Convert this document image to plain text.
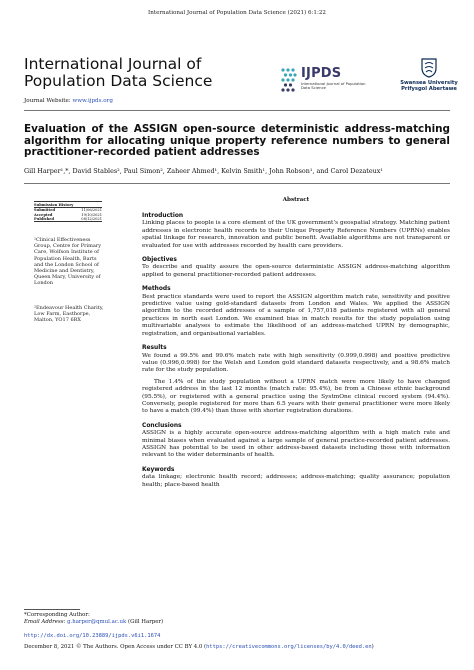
International Journal of Population Data Science (2021) 6:1:22
International Journal of
Population Data Science
Journal Website: www.ijpds.org
IJPDS
International Journal of Population Data Science
Swansea University
Prifysgol Abertawe
Evaluation of the ASSIGN open-source deterministic address-matching algorithm for allocating unique property reference numbers to general practitioner-recorded patient addresses
Gill Harper¹,*, David Stables², Paul Simon², Zaheer Ahmed¹, Kelvin Smith¹, John Robson¹, and Carol Dezateux¹
Submission History
Submitted	11/06/2021
Accepted	19/10/2021
Published	08/12/2021
¹Clinical Effectiveness Group, Centre for Primary Care, Wolfson Institute of Population Health, Barts and the London School of Medicine and Dentistry, Queen Mary, University of London
²Endeavour Health Charity, Low Farm, Easthorpe, Malton, YO17 6RX
Abstract
Introduction

Linking places to people is a core element of the UK government’s geospatial strategy. Matching patient addresses in electronic health records to their Unique Property Reference Numbers (UPRNs) enables spatial linkage for research, innovation and public benefit. Available algorithms are not transparent or evaluated for use with addresses recorded by health care providers.

Objectives

To describe and quality assure the open-source deterministic ASSIGN address-matching algorithm applied to general practitioner-recorded patient addresses.

Methods

Best practice standards were used to report the ASSIGN algorithm match rate, sensitivity and positive predictive value using gold-standard datasets from London and Wales. We applied the ASSIGN algorithm to the recorded addresses of a sample of 1,757,018 patients registered with all general practices in north east London. We examined bias in match results for the study population using multivariable analyses to estimate the likelihood of an address-matched UPRN by demographic, registration, and organisational variables.

Results

We found a 99.5% and 99.6% match rate with high sensitivity (0.999,0.998) and positive predictive value (0.996,0.998) for the Welsh and London gold standard datasets respectively, and a 98.6% match rate for the study population.

The 1.4% of the study population without a UPRN match were more likely to have changed registered address in the last 12 months (match rate: 95.4%), be from a Chinese ethnic background (95.5%), or registered with a general practice using the SystmOne clinical record system (94.4%). Conversely, people registered for more than 6.5 years with their general practitioner were more likely to have a match (99.4%) than those with shorter registration durations.

Conclusions

ASSIGN is a highly accurate open-source address-matching algorithm with a high match rate and minimal biases when evaluated against a large sample of general practice-recorded patient addresses. ASSIGN has potential to be used in other address-based datasets including those with information relevant to the wider determinants of health.

Keywords

data linkage; electronic health record; addresses; address-matching; quality assurance; population health; place-based health

*Corresponding Author:
Email Address: g.harper@qmul.ac.uk (Gill Harper)
http://dx.doi.org/10.23889/ijpds.v6i1.1674
December 8, 2021 © The Authors. Open Access under CC BY 4.0 (https://creativecommons.org/licenses/by/4.0/deed.en)
